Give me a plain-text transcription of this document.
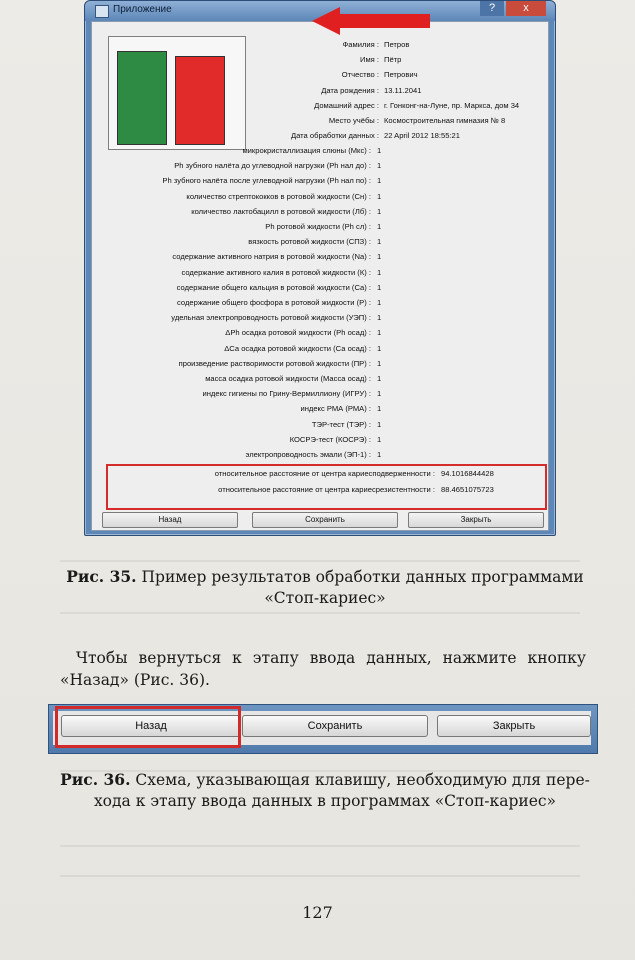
Приложение	?	x
Фамилия : Петров
Имя : Пётр
Отчество : Петрович
Дата рождения : 13.11.2041
Домашний адрес : г. Гонконг-на-Луне, пр. Маркса, дом 34
Место учёбы : Космостроительная гимназия № 8
Дата обработки данных : 22 April 2012 18:55:21
микрокристаллизация слюны (Мкс) : 1
Ph зубного налёта до углеводной нагрузки (Ph нал до) : 1
Ph зубного налёта после углеводной нагрузки (Ph нал по) : 1
количество стрептококков в ротовой жидкости (Сн) : 1
количество лактобацилл в ротовой жидкости (Лб) : 1
Ph ротовой жидкости (Ph сл) : 1
вязкость ротовой жидкости (СПЗ) : 1
содержание активного натрия в ротовой жидкости (Na) : 1
содержание активного калия в ротовой жидкости (К) : 1
содержание общего кальция в ротовой жидкости (Са) : 1
содержание общего фосфора в ротовой жидкости (Р) : 1
удельная электропроводность ротовой жидкости (УЭП) : 1
ΔPh осадка ротовой жидкости (Ph осад) : 1
ΔСа осадка ротовой жидкости (Са осад) : 1
произведение растворимости ротовой жидкости (ПР) : 1
масса осадка ротовой жидкости (Масса осад) : 1
индекс гигиены по Грину-Вермиллиону (ИГРУ) : 1
индекс РМА (РМА) : 1
ТЭР-тест (ТЭР) : 1
КОСРЭ-тест (КОСРЭ) : 1
электропроводность эмали (ЭП-1) : 1
относительное расстояние от центра кариесподверженности : 94.1016844428
относительное расстояние от центра кариесрезистентности : 88.4651075723
Назад	Сохранить	Закрыть
Рис. 35. Пример результатов обработки данных программами
«Стоп-кариес»
Чтобы вернуться к этапу ввода данных, нажмите кнопку
«Назад» (Рис. 36).
Назад	Сохранить	Закрыть
Рис. 36. Схема, указывающая клавишу, необходимую для пере-
хода к этапу ввода данных в программах «Стоп-кариес»
127
